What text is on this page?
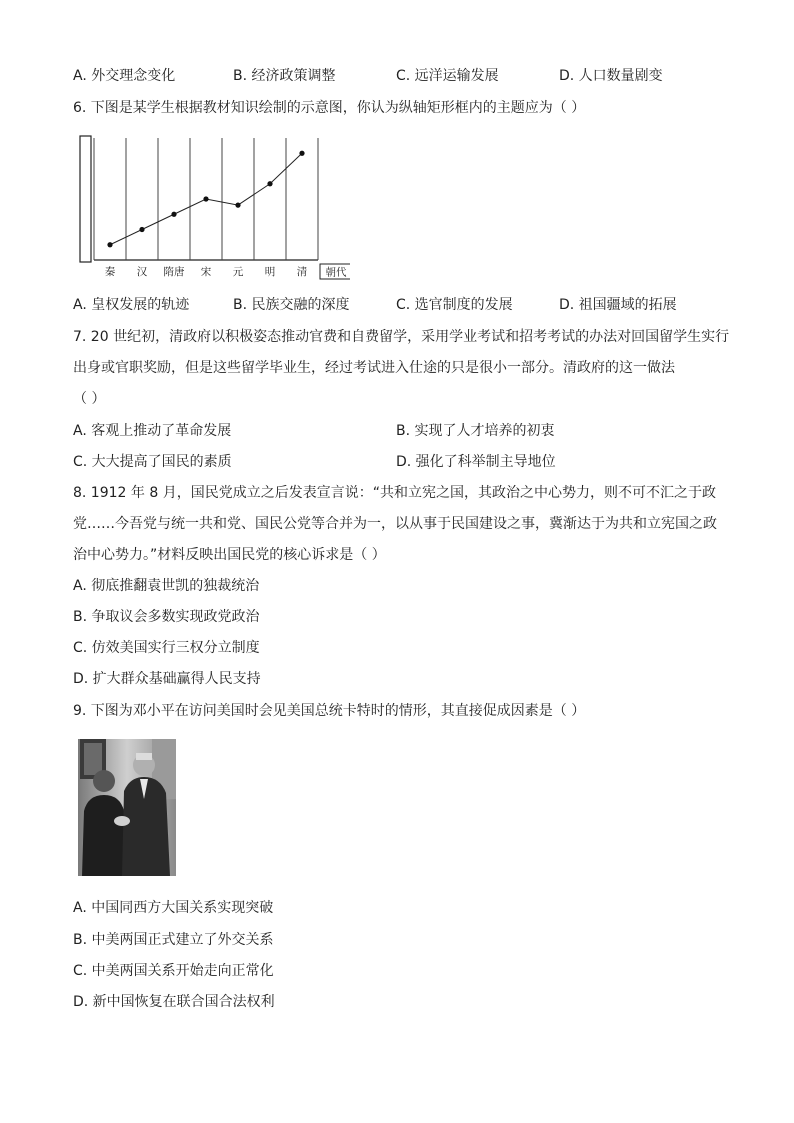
A. 外交理念变化	B. 经济政策调整	C. 远洋运输发展	D. 人口数量剧变
6. 下图是某学生根据教材知识绘制的示意图，你认为纵轴矩形框内的主题应为（ ）
秦 汉 隋唐 宋 元 明 清 朝代
A. 皇权发展的轨迹	B. 民族交融的深度	C. 选官制度的发展	D. 祖国疆域的拓展
7. 20 世纪初，清政府以积极姿态推动官费和自费留学，采用学业考试和招考考试的办法对回国留学生实行
出身或官职奖励，但是这些留学毕业生，经过考试进入仕途的只是很小一部分。清政府的这一做法
（ ）
A. 客观上推动了革命发展	B. 实现了人才培养的初衷
C. 大大提高了国民的素质	D. 强化了科举制主导地位
8. 1912 年 8 月，国民党成立之后发表宣言说：“共和立宪之国，其政治之中心势力，则不可不汇之于政
党……今吾党与统一共和党、国民公党等合并为一，以从事于民国建设之事，冀渐达于为共和立宪国之政
治中心势力。”材料反映出国民党的核心诉求是（ ）
A. 彻底推翻袁世凯的独裁统治
B. 争取议会多数实现政党政治
C. 仿效美国实行三权分立制度
D. 扩大群众基础赢得人民支持
9. 下图为邓小平在访问美国时会见美国总统卡特时的情形，其直接促成因素是（ ）
A. 中国同西方大国关系实现突破
B. 中美两国正式建立了外交关系
C. 中美两国关系开始走向正常化
D. 新中国恢复在联合国合法权利
